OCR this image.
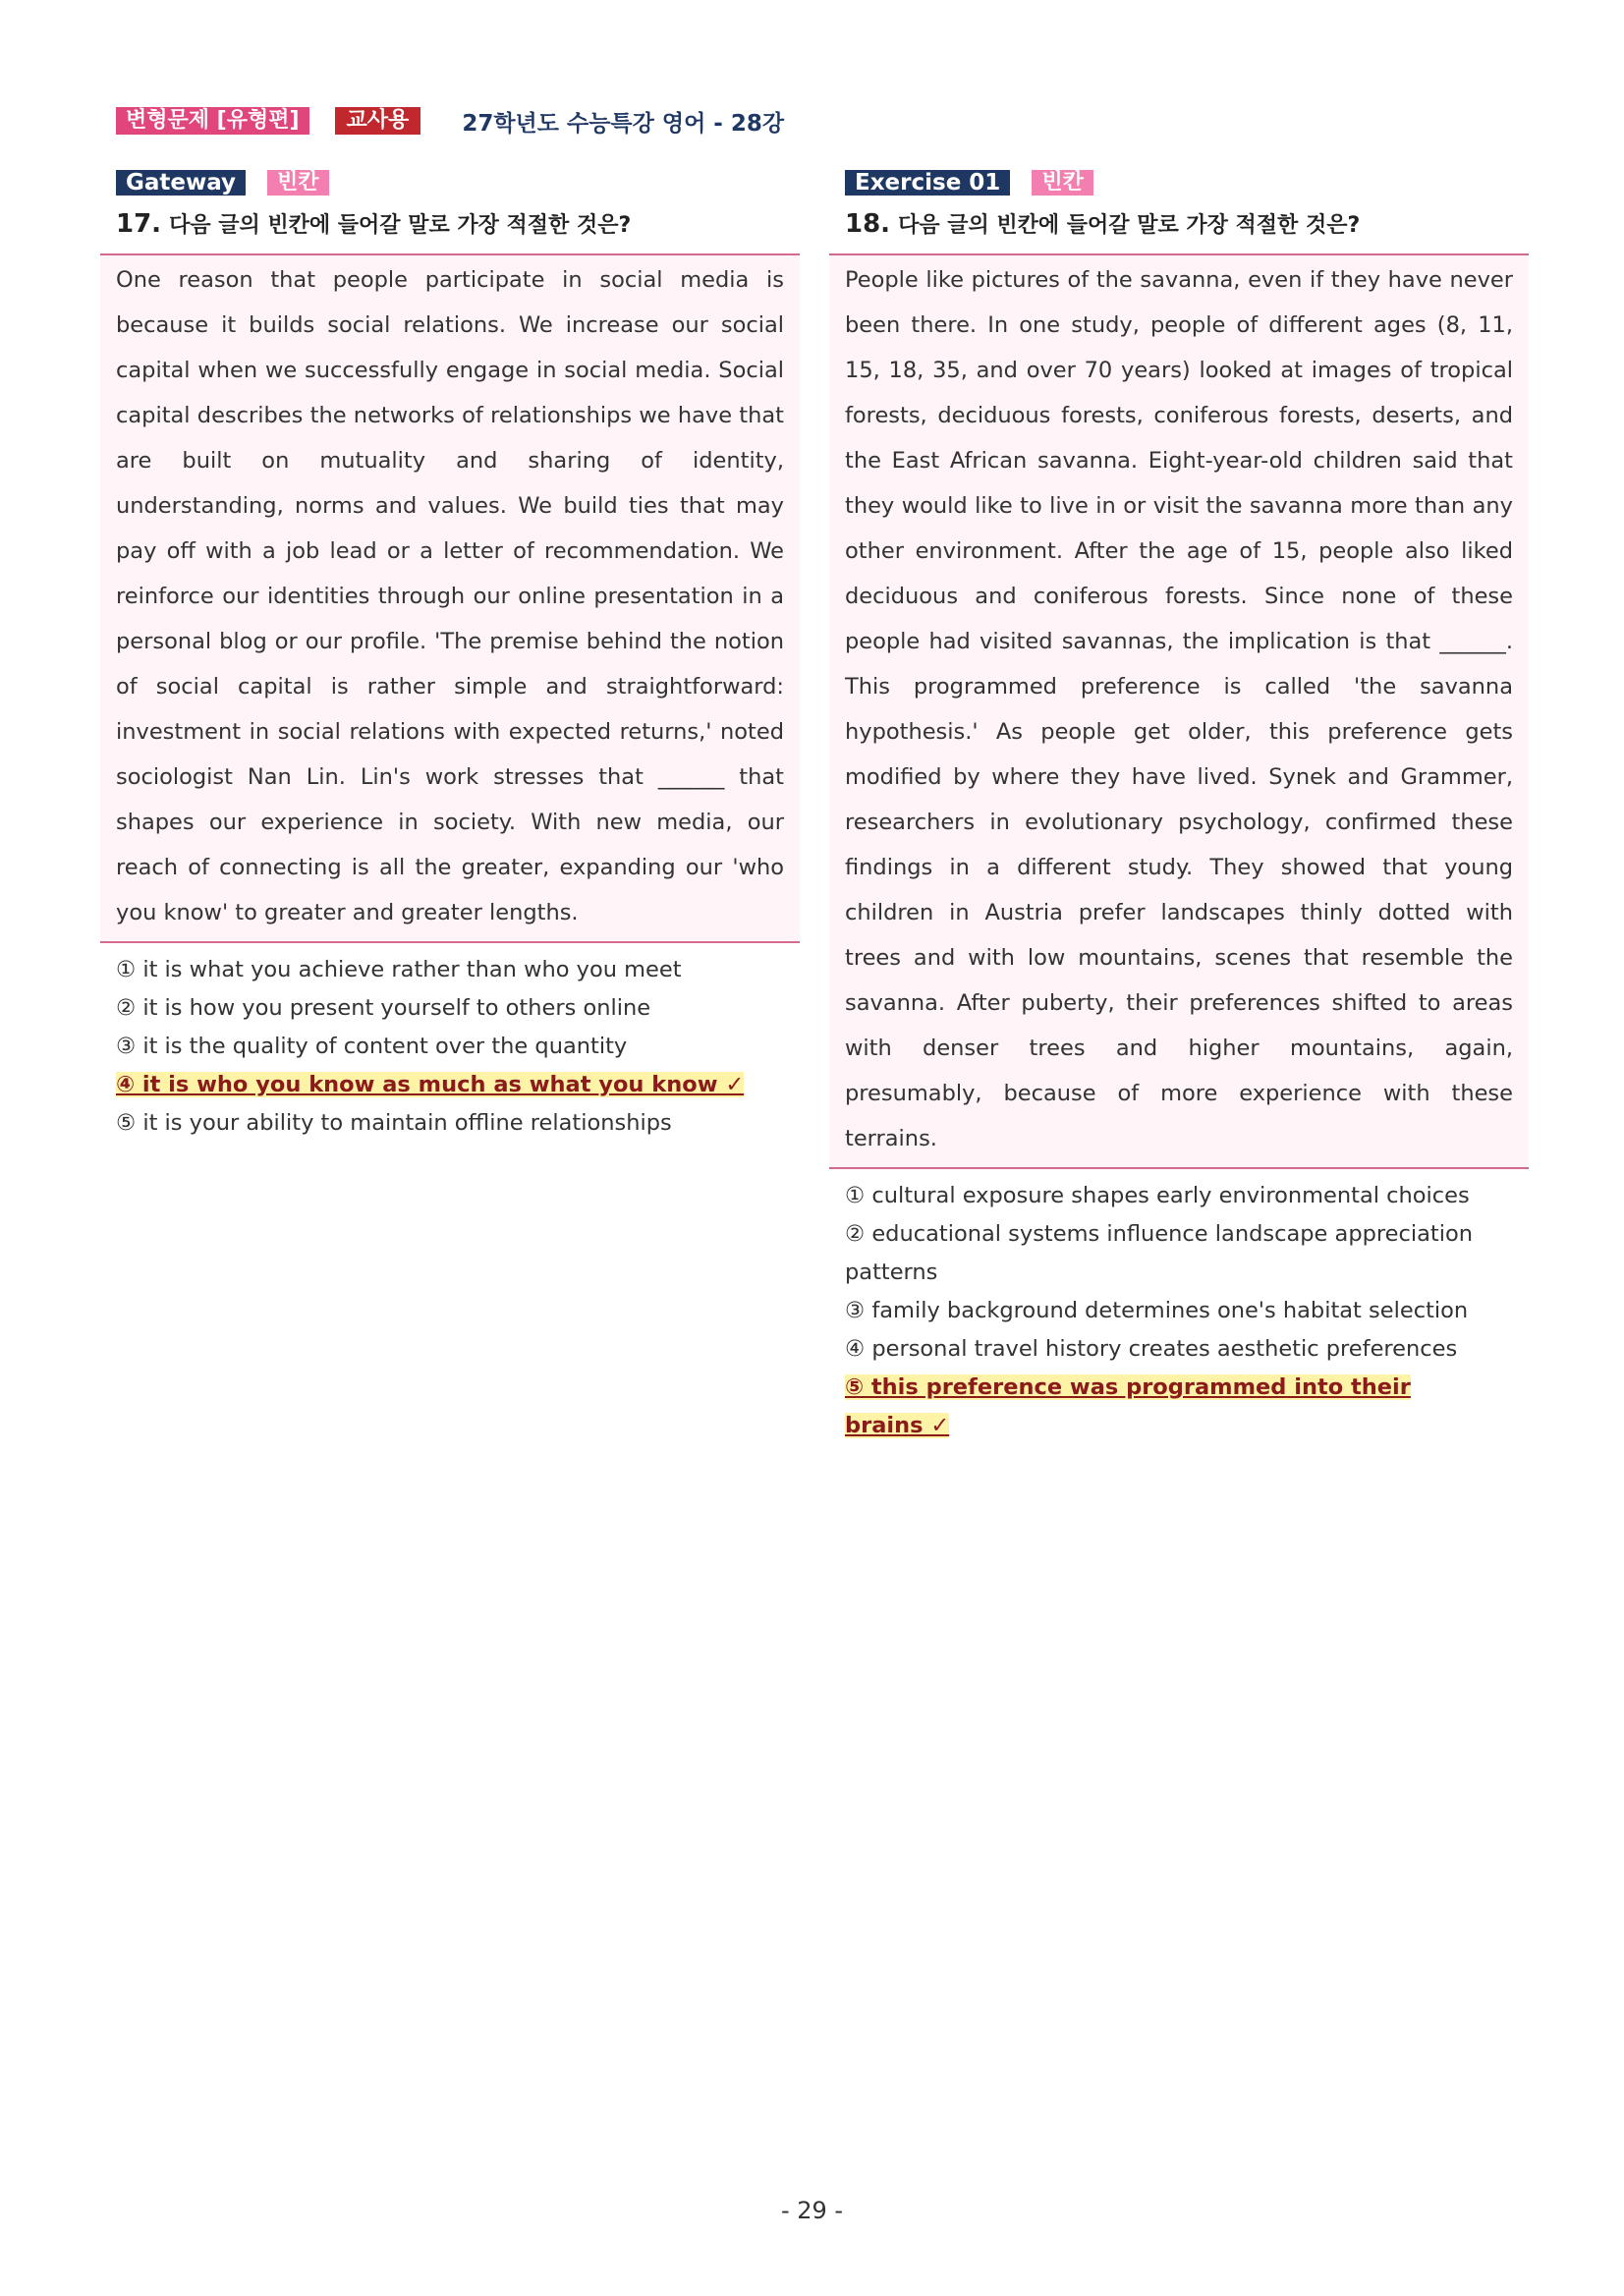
변형문제 [유형편]	교사용	27학년도 수능특강 영어 - 28강
Gateway	빈칸
17. 다음 글의 빈칸에 들어갈 말로 가장 적절한 것은?
One reason that people participate in social media is because it builds social relations. We increase our social capital when we successfully engage in social media. Social capital describes the networks of relationships we have that are built on mutuality and sharing of identity, understanding, norms and values. We build ties that may pay off with a job lead or a letter of recommendation. We reinforce our identities through our online presentation in a personal blog or our profile. 'The premise behind the notion of social capital is rather simple and straightforward: investment in social relations with expected returns,' noted sociologist Nan Lin. Lin's work stresses that ______ that shapes our experience in society. With new media, our reach of connecting is all the greater, expanding our 'who you know' to greater and greater lengths.
① it is what you achieve rather than who you meet
② it is how you present yourself to others online
③ it is the quality of content over the quantity
④ it is who you know as much as what you know ✓
⑤ it is your ability to maintain offline relationships
Exercise 01	빈칸
18. 다음 글의 빈칸에 들어갈 말로 가장 적절한 것은?
People like pictures of the savanna, even if they have never been there. In one study, people of different ages (8, 11, 15, 18, 35, and over 70 years) looked at images of tropical forests, deciduous forests, coniferous forests, deserts, and the East African savanna. Eight-year-old children said that they would like to live in or visit the savanna more than any other environment. After the age of 15, people also liked deciduous and coniferous forests. Since none of these people had visited savannas, the implication is that ______. This programmed preference is called 'the savanna hypothesis.' As people get older, this preference gets modified by where they have lived. Synek and Grammer, researchers in evolutionary psychology, confirmed these findings in a different study. They showed that young children in Austria prefer landscapes thinly dotted with trees and with low mountains, scenes that resemble the savanna. After puberty, their preferences shifted to areas with denser trees and higher mountains, again, presumably, because of more experience with these terrains.
① cultural exposure shapes early environmental choices
② educational systems influence landscape appreciation patterns
③ family background determines one's habitat selection
④ personal travel history creates aesthetic preferences
⑤ this preference was programmed into their brains ✓
- 29 -
